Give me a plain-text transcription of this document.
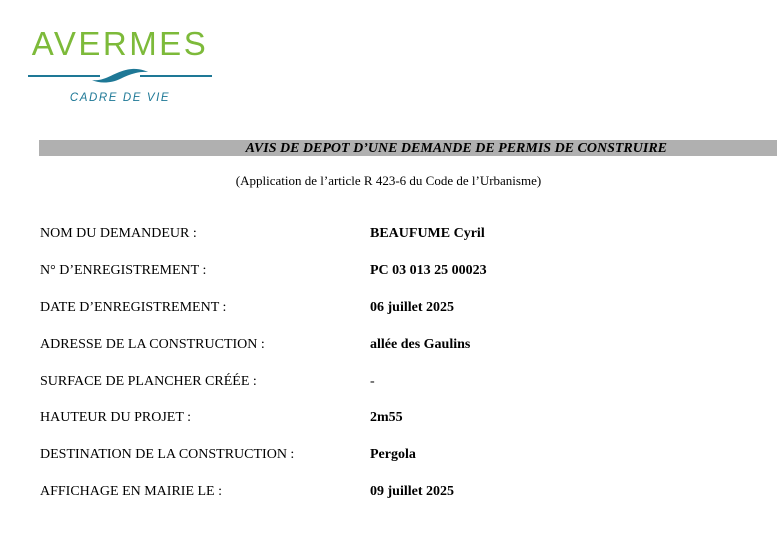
AVERMES
CADRE DE VIE
AVIS DE DEPOT D’UNE DEMANDE DE PERMIS DE CONSTRUIRE
(Application de l’article R 423-6 du Code de l’Urbanisme)
NOM DU DEMANDEUR :	BEAUFUME Cyril
N° D’ENREGISTREMENT :	PC 03 013 25 00023
DATE D’ENREGISTREMENT :	06 juillet 2025
ADRESSE DE LA CONSTRUCTION :	allée des Gaulins
SURFACE DE PLANCHER CRÉÉE :	-
HAUTEUR DU PROJET :	2m55
DESTINATION DE LA CONSTRUCTION :	Pergola
AFFICHAGE EN MAIRIE LE :	09 juillet 2025
